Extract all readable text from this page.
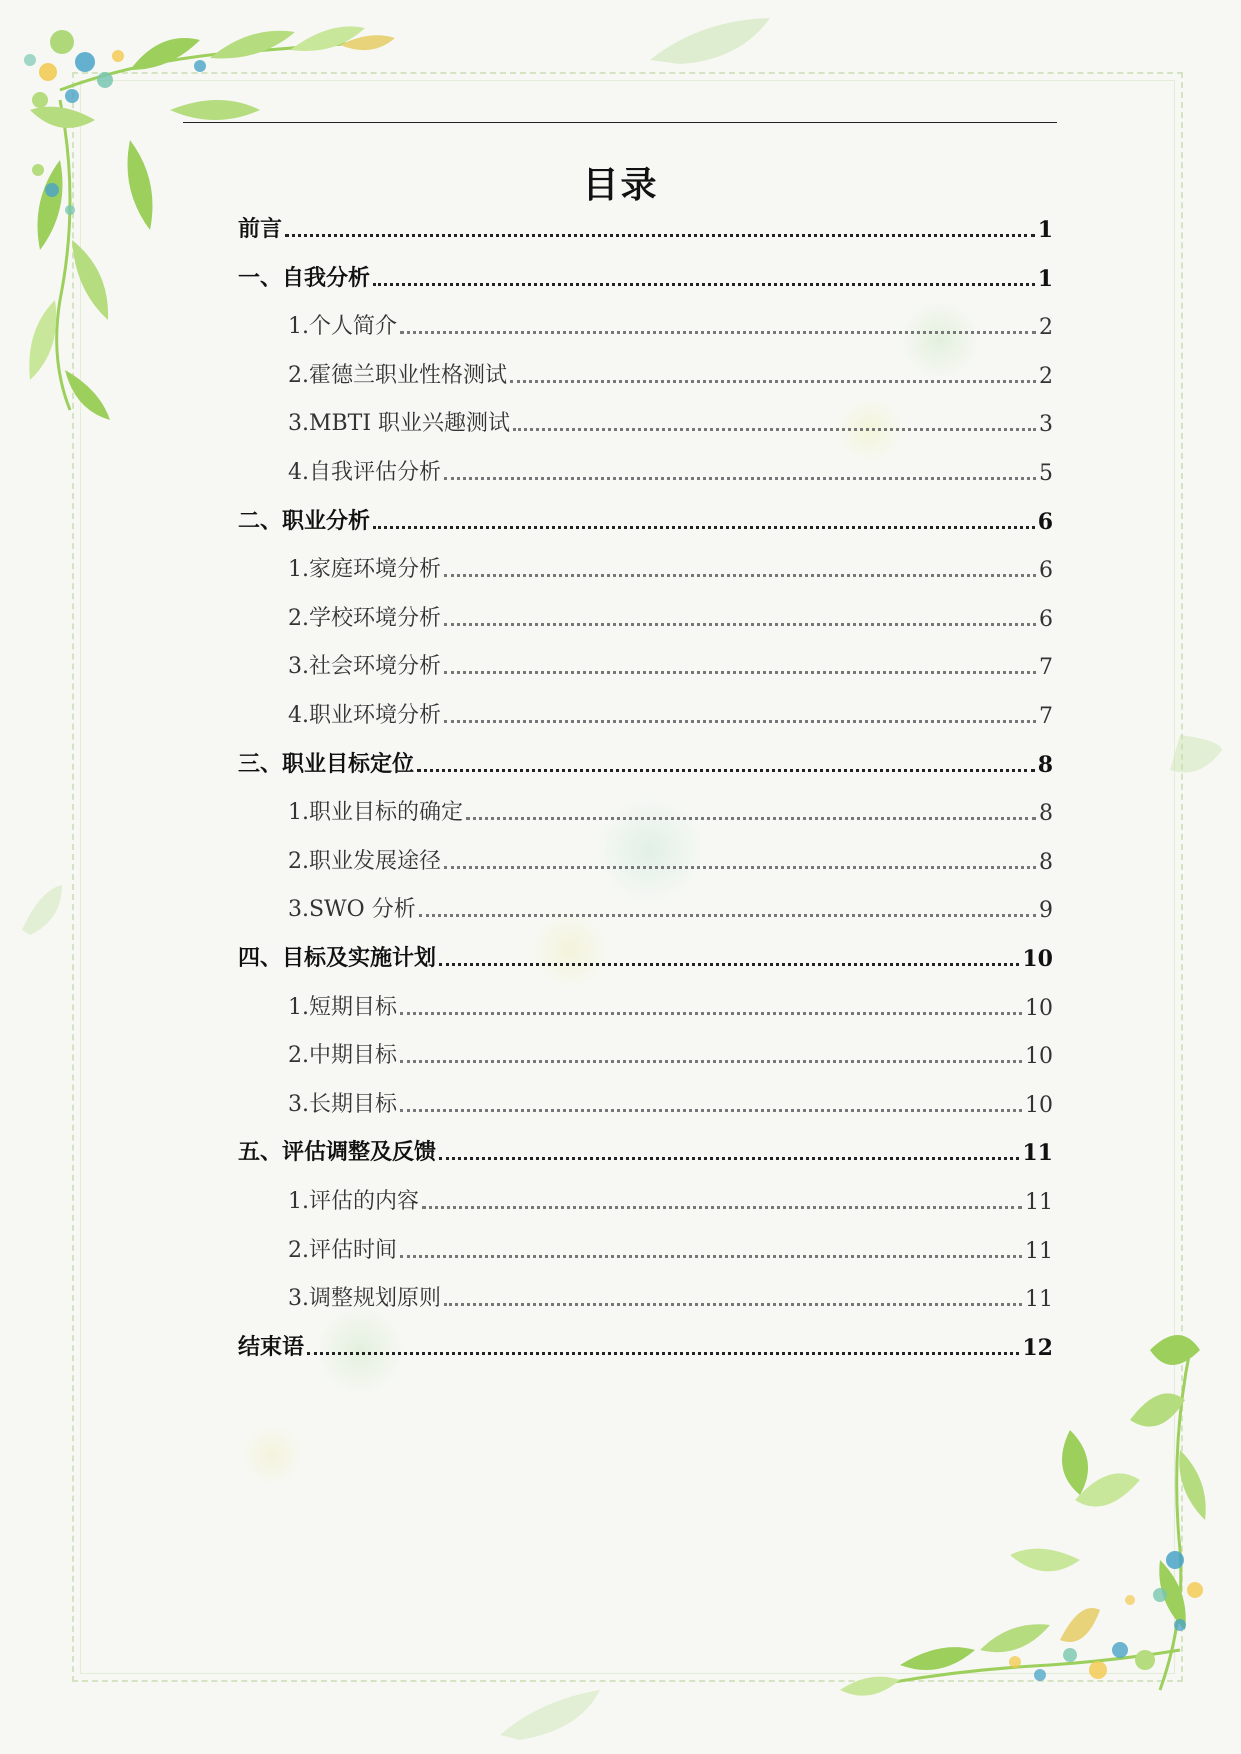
目录
前言	1
一、自我分析	1
1.个人简介	2
2.霍德兰职业性格测试	2
3.MBTI 职业兴趣测试	3
4.自我评估分析	5
二、职业分析	6
1.家庭环境分析	6
2.学校环境分析	6
3.社会环境分析	7
4.职业环境分析	7
三、职业目标定位	8
1.职业目标的确定	8
2.职业发展途径	8
3.SWO 分析	9
四、目标及实施计划	10
1.短期目标	10
2.中期目标	10
3.长期目标	10
五、评估调整及反馈	11
1.评估的内容	11
2.评估时间	11
3.调整规划原则	11
结束语	12
